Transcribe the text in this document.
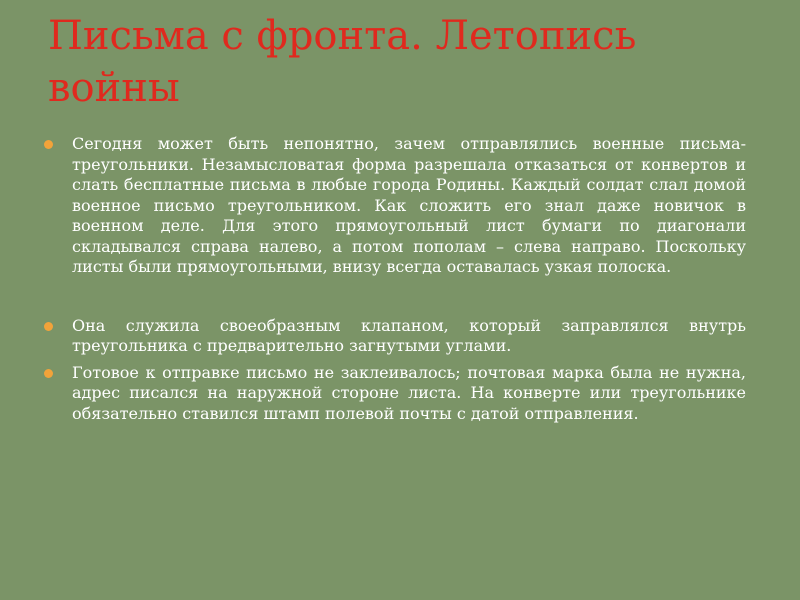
Письма с фронта. Летопись войны
Сегодня может быть непонятно, зачем отправлялись военные письма-треугольники. Незамысловатая форма разрешала отказаться от конвертов и слать бесплатные письма в любые города Родины. Каждый солдат слал домой военное письмо треугольником. Как сложить его знал даже новичок в военном деле. Для этого прямоугольный лист бумаги по диагонали складывался справа налево, а потом пополам – слева направо. Поскольку листы были прямоугольными, внизу всегда оставалась узкая полоска.
Она служила своеобразным клапаном, который заправлялся внутрь треугольника с предварительно загнутыми углами.
Готовое к отправке письмо не заклеивалось; почтовая марка была не нужна, адрес писался на наружной стороне листа. На конверте или треугольнике обязательно ставился штамп полевой почты с датой отправления.
